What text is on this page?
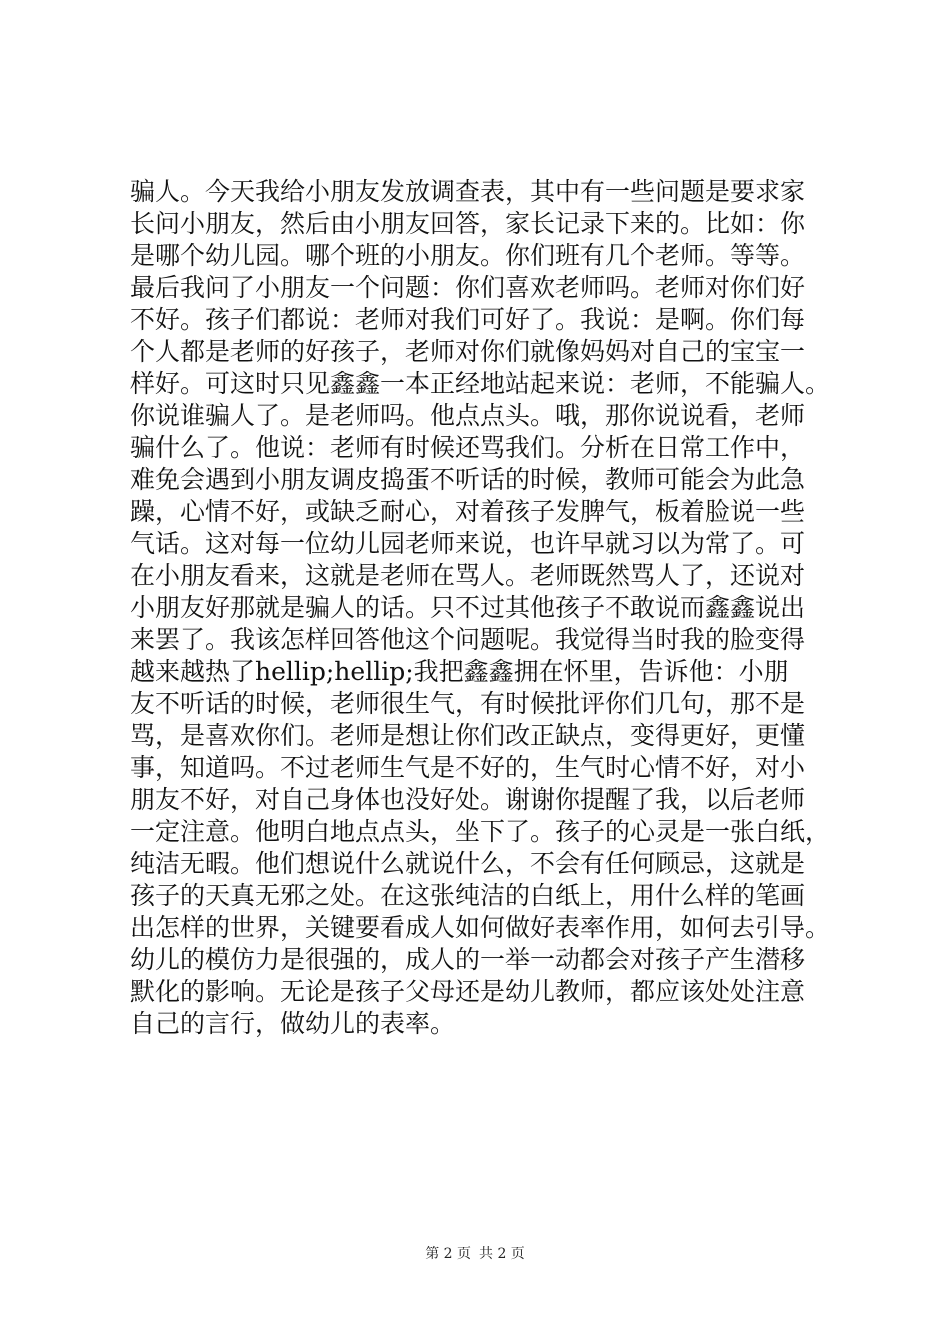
骗人。今天我给小朋友发放调查表，其中有一些问题是要求家
长问小朋友，然后由小朋友回答，家长记录下来的。比如：你
是哪个幼儿园。哪个班的小朋友。你们班有几个老师。等等。
最后我问了小朋友一个问题：你们喜欢老师吗。老师对你们好
不好。孩子们都说：老师对我们可好了。我说：是啊。你们每
个人都是老师的好孩子，老师对你们就像妈妈对自己的宝宝一
样好。可这时只见鑫鑫一本正经地站起来说：老师，不能骗人。
你说谁骗人了。是老师吗。他点点头。哦，那你说说看，老师
骗什么了。他说：老师有时候还骂我们。分析在日常工作中，
难免会遇到小朋友调皮捣蛋不听话的时候，教师可能会为此急
躁，心情不好，或缺乏耐心，对着孩子发脾气，板着脸说一些
气话。这对每一位幼儿园老师来说，也许早就习以为常了。可
在小朋友看来，这就是老师在骂人。老师既然骂人了，还说对
小朋友好那就是骗人的话。只不过其他孩子不敢说而鑫鑫说出
来罢了。我该怎样回答他这个问题呢。我觉得当时我的脸变得
越来越热了hellip;hellip;我把鑫鑫拥在怀里，告诉他：小朋
友不听话的时候，老师很生气，有时候批评你们几句，那不是
骂，是喜欢你们。老师是想让你们改正缺点，变得更好，更懂
事，知道吗。不过老师生气是不好的，生气时心情不好，对小
朋友不好，对自己身体也没好处。谢谢你提醒了我，以后老师
一定注意。他明白地点点头，坐下了。孩子的心灵是一张白纸，
纯洁无暇。他们想说什么就说什么，不会有任何顾忌，这就是
孩子的天真无邪之处。在这张纯洁的白纸上，用什么样的笔画
出怎样的世界，关键要看成人如何做好表率作用，如何去引导。
幼儿的模仿力是很强的，成人的一举一动都会对孩子产生潜移
默化的影响。无论是孩子父母还是幼儿教师，都应该处处注意
自己的言行，做幼儿的表率。
第 2 页 共 2 页
